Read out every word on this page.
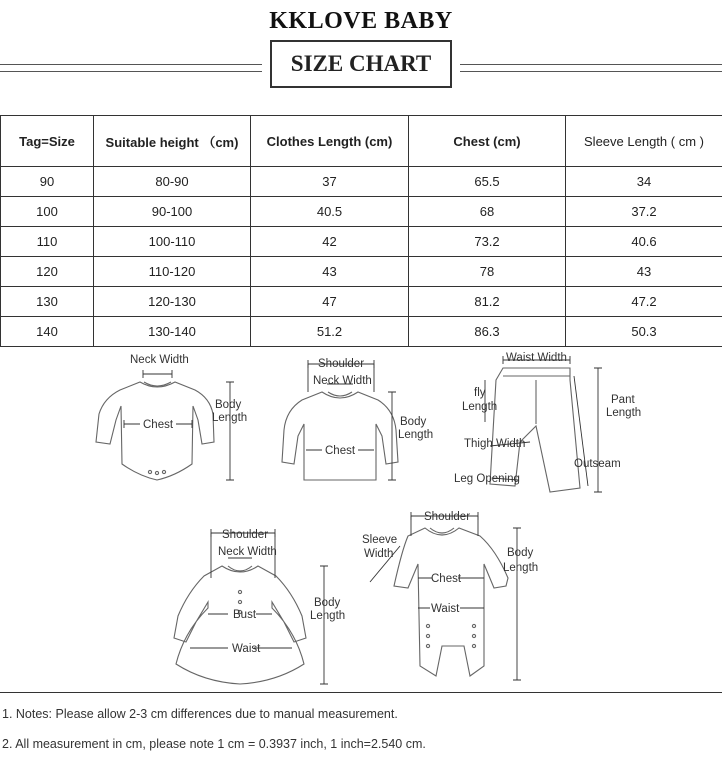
KKLOVE BABY
SIZE CHART
Tag=Size	Suitable height （cm)	Clothes Length (cm)	Chest (cm)	Sleeve Length ( cm )
90	80-90	37	65.5	34
100	90-100	40.5	68	37.2
110	100-110	42	73.2	40.6
120	110-120	43	78	43
130	120-130	47	81.2	47.2
140	130-140	51.2	86.3	50.3
Neck Width
Chest
Body
Length
Shoulder
Neck Width
Chest
Body
Length
Waist Width
fly
Length
Pant
Length
Thigh Width
Outseam
Leg Opening
Shoulder
Neck Width
Bust
Waist
Body
Length
Shoulder
Sleeve
Width
Chest
Waist
Body
Length
1. Notes: Please allow 2-3 cm differences due to manual measurement.
2. All measurement in cm, please note 1 cm = 0.3937 inch, 1 inch=2.540 cm.
